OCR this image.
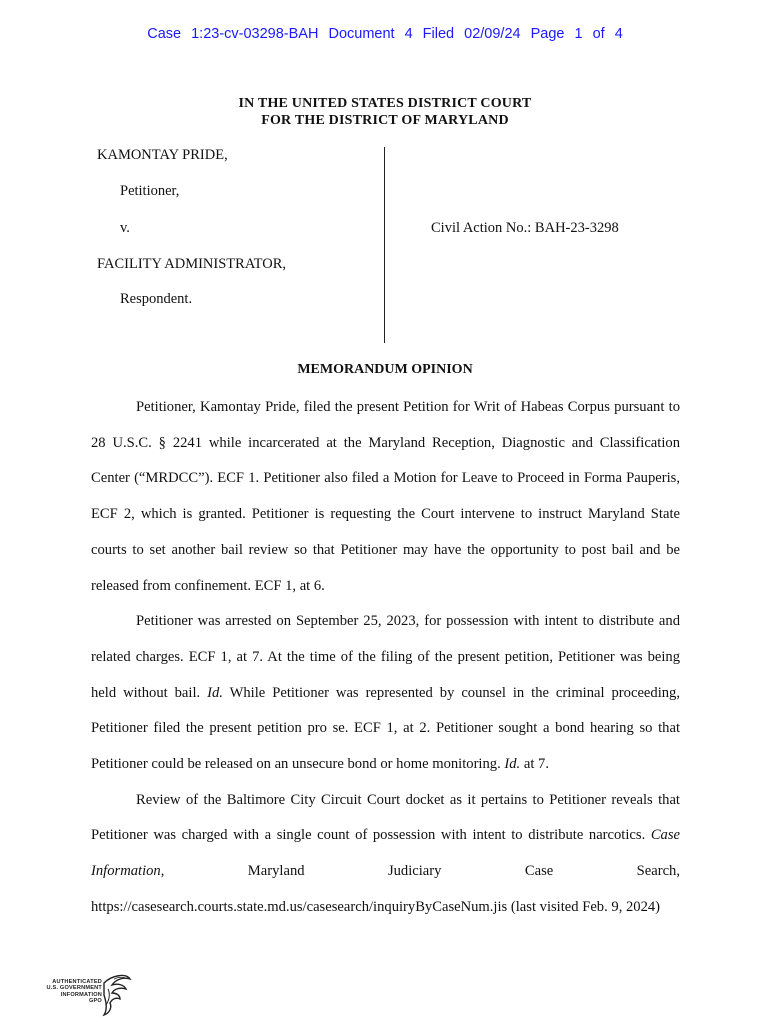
Case 1:23-cv-03298-BAH Document 4 Filed 02/09/24 Page 1 of 4
IN THE UNITED STATES DISTRICT COURT
FOR THE DISTRICT OF MARYLAND
KAMONTAY PRIDE,
Petitioner,
v.
FACILITY ADMINISTRATOR,
Respondent.
Civil Action No.: BAH-23-3298
MEMORANDUM OPINION

Petitioner, Kamontay Pride, filed the present Petition for Writ of Habeas Corpus pursuant to 28 U.S.C. § 2241 while incarcerated at the Maryland Reception, Diagnostic and Classification Center (“MRDCC”). ECF 1. Petitioner also filed a Motion for Leave to Proceed in Forma Pauperis, ECF 2, which is granted. Petitioner is requesting the Court intervene to instruct Maryland State courts to set another bail review so that Petitioner may have the opportunity to post bail and be released from confinement. ECF 1, at 6.

Petitioner was arrested on September 25, 2023, for possession with intent to distribute and related charges. ECF 1, at 7. At the time of the filing of the present petition, Petitioner was being held without bail. Id. While Petitioner was represented by counsel in the criminal proceeding, Petitioner filed the present petition pro se. ECF 1, at 2. Petitioner sought a bond hearing so that Petitioner could be released on an unsecure bond or home monitoring. Id. at 7.

Review of the Baltimore City Circuit Court docket as it pertains to Petitioner reveals that Petitioner was charged with a single count of possession with intent to distribute narcotics. Case Information, Maryland Judiciary Case Search,

https://casesearch.courts.state.md.us/casesearch/inquiryByCaseNum.jis (last visited Feb. 9, 2024)

AUTHENTICATED
U.S. GOVERNMENT
INFORMATION
GPO
